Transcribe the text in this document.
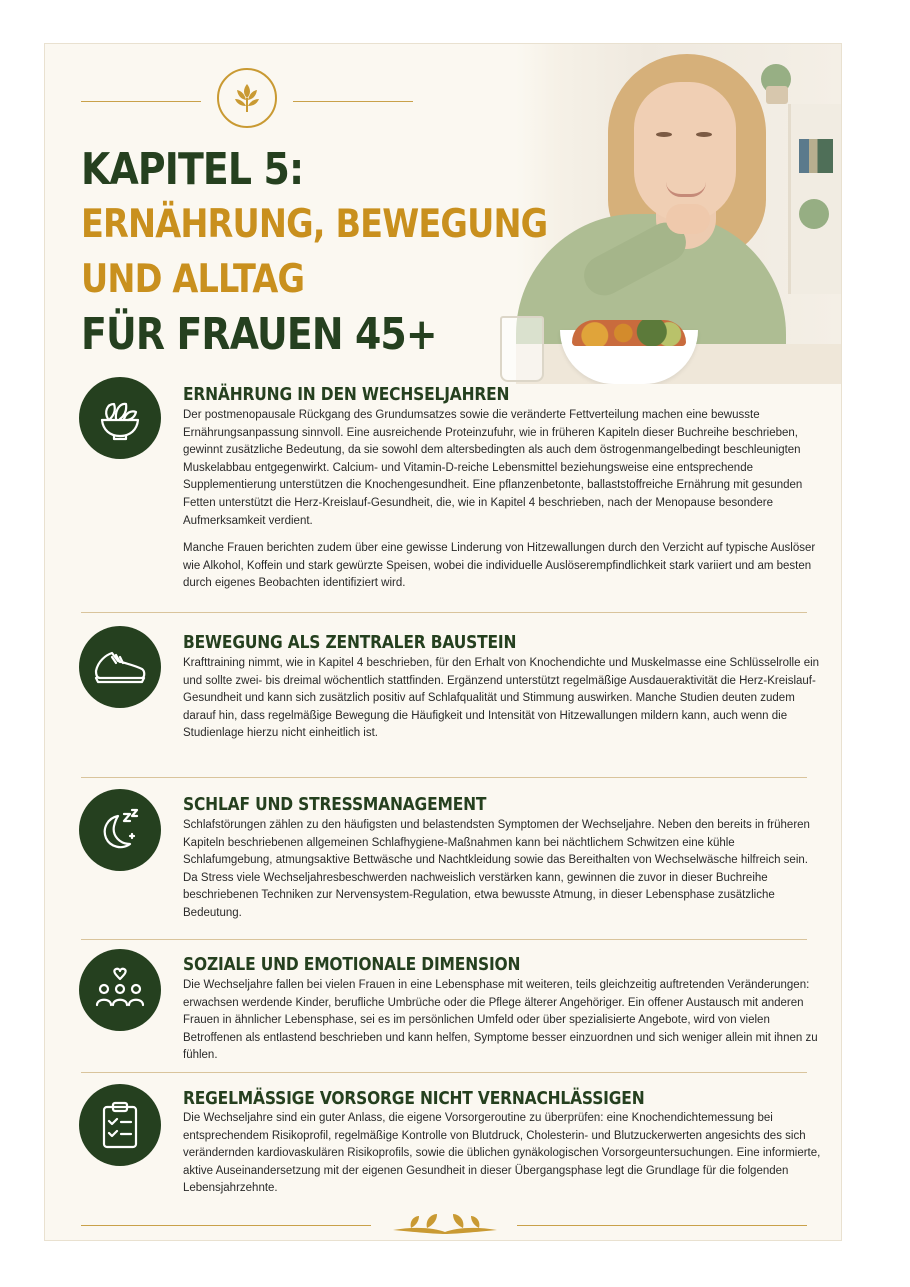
KAPITEL 5:
ERNÄHRUNG, BEWEGUNG
UND ALLTAG
FÜR FRAUEN 45+
ERNÄHRUNG IN DEN WECHSELJAHREN

Der postmenopausale Rückgang des Grundumsatzes sowie die veränderte Fettverteilung machen eine bewusste Ernährungsanpassung sinnvoll. Eine ausreichende Proteinzufuhr, wie in früheren Kapiteln dieser Buchreihe beschrieben, gewinnt zusätzliche Bedeutung, da sie sowohl dem altersbedingten als auch dem östrogenmangelbedingt beschleunigten Muskelabbau entgegenwirkt. Calcium- und Vitamin-D-reiche Lebensmittel beziehungsweise eine entsprechende Supplementierung unterstützen die Knochengesundheit. Eine pflanzenbetonte, ballaststoffreiche Ernährung mit gesunden Fetten unterstützt die Herz-Kreislauf-Gesundheit, die, wie in Kapitel 4 beschrieben, nach der Menopause besondere Aufmerksamkeit verdient.

Manche Frauen berichten zudem über eine gewisse Linderung von Hitzewallungen durch den Verzicht auf typische Auslöser wie Alkohol, Koffein und stark gewürzte Speisen, wobei die individuelle Auslöserempfindlichkeit stark variiert und am besten durch eigenes Beobachten identifiziert wird.

BEWEGUNG ALS ZENTRALER BAUSTEIN

Krafttraining nimmt, wie in Kapitel 4 beschrieben, für den Erhalt von Knochendichte und Muskelmasse eine Schlüsselrolle ein und sollte zwei- bis dreimal wöchentlich stattfinden. Ergänzend unterstützt regelmäßige Ausdaueraktivität die Herz-Kreislauf-Gesundheit und kann sich zusätzlich positiv auf Schlafqualität und Stimmung auswirken. Manche Studien deuten zudem darauf hin, dass regelmäßige Bewegung die Häufigkeit und Intensität von Hitzewallungen mildern kann, auch wenn die Studienlage hierzu nicht einheitlich ist.

SCHLAF UND STRESSMANAGEMENT

Schlafstörungen zählen zu den häufigsten und belastendsten Symptomen der Wechseljahre. Neben den bereits in früheren Kapiteln beschriebenen allgemeinen Schlafhygiene-Maßnahmen kann bei nächtlichem Schwitzen eine kühle Schlafumgebung, atmungsaktive Bettwäsche und Nachtkleidung sowie das Bereithalten von Wechselwäsche hilfreich sein. Da Stress viele Wechseljahresbeschwerden nachweislich verstärken kann, gewinnen die zuvor in dieser Buchreihe beschriebenen Techniken zur Nervensystem-Regulation, etwa bewusste Atmung, in dieser Lebensphase zusätzliche Bedeutung.

SOZIALE UND EMOTIONALE DIMENSION

Die Wechseljahre fallen bei vielen Frauen in eine Lebensphase mit weiteren, teils gleichzeitig auftretenden Veränderungen: erwachsen werdende Kinder, berufliche Umbrüche oder die Pflege älterer Angehöriger. Ein offener Austausch mit anderen Frauen in ähnlicher Lebensphase, sei es im persönlichen Umfeld oder über spezialisierte Angebote, wird von vielen Betroffenen als entlastend beschrieben und kann helfen, Symptome besser einzuordnen und sich weniger allein mit ihnen zu fühlen.

REGELMÄSSIGE VORSORGE NICHT VERNACHLÄSSIGEN

Die Wechseljahre sind ein guter Anlass, die eigene Vorsorgeroutine zu überprüfen: eine Knochendichtemessung bei entsprechendem Risikoprofil, regelmäßige Kontrolle von Blutdruck, Cholesterin- und Blutzuckerwerten angesichts des sich verändernden kardiovaskulären Risikoprofils, sowie die üblichen gynäkologischen Vorsorgeuntersuchungen. Eine informierte, aktive Auseinandersetzung mit der eigenen Gesundheit in dieser Übergangsphase legt die Grundlage für die folgenden Lebensjahrzehnte.
